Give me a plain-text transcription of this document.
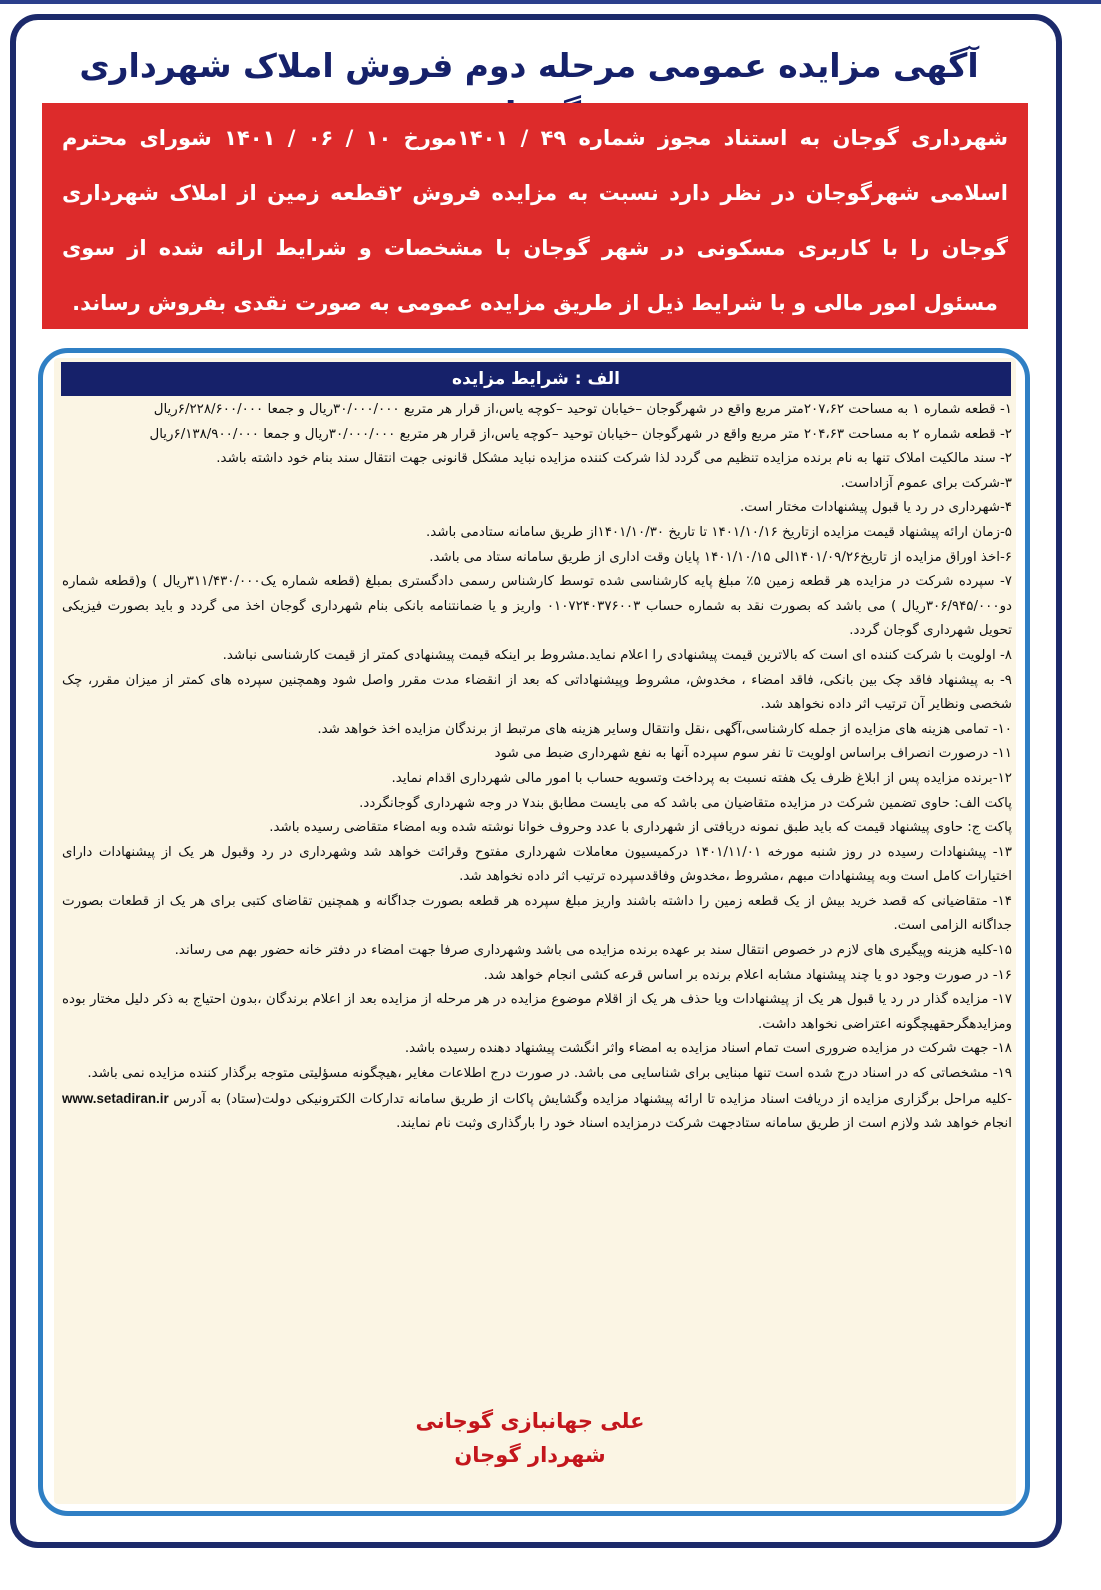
آگهی مزایده عمومی مرحله دوم فروش املاک شهرداری

شهرداری گوجان به استناد مجوز شماره ۴۹ / ۱۴۰۱مورخ ۱۰ / ۰۶ / ۱۴۰۱ شورای محترم اسلامی شهرگوجان در نظر دارد نسبت به مزایده فروش ۲قطعه زمین از املاک شهرداری گوجان را با کاربری مسکونی در شهر گوجان با مشخصات و شرایط ارائه شده از سوی مسئول امور مالی و با شرایط ذیل از طریق مزایده عمومی به صورت نقدی بفروش رساند.

الف : شرایط مزایده
۱- قطعه شماره ۱ به مساحت ۲۰۷،۶۲متر مربع واقع در شهرگوجان –خیابان توحید –کوچه یاس،از قرار هر متربع ۳۰/۰۰۰/۰۰۰ریال و جمعا ۶/۲۲۸/۶۰۰/۰۰۰ریال
۲- قطعه شماره ۲ به مساحت ۲۰۴،۶۳ متر مربع واقع در شهرگوجان –خیابان توحید –کوچه یاس،از قرار هر متربع ۳۰/۰۰۰/۰۰۰ریال و جمعا ۶/۱۳۸/۹۰۰/۰۰۰ریال
۲- سند مالکیت املاک تنها به نام برنده مزایده تنظیم می گردد لذا شرکت کننده مزایده نباید مشکل قانونی جهت انتقال سند بنام خود داشته باشد.
۳-شرکت برای عموم آزاداست.
۴-شهرداری در رد یا قبول پیشنهادات مختار است.
۵-زمان ارائه پیشنهاد قیمت مزایده ازتاریخ ۱۴۰۱/۱۰/۱۶ تا تاریخ ۱۴۰۱/۱۰/۳۰از طریق سامانه ستادمی باشد.
۶-اخذ اوراق مزایده از تاریخ۱۴۰۱/۰۹/۲۶الی ۱۴۰۱/۱۰/۱۵ پایان وقت اداری از طریق سامانه ستاد می باشد.
۷- سپرده شرکت در مزایده هر قطعه زمین ۵٪ مبلغ پایه کارشناسی شده توسط کارشناس رسمی دادگستری بمبلغ (قطعه شماره یک۳۱۱/۴۳۰/۰۰۰ریال ) و(قطعه شماره دو۳۰۶/۹۴۵/۰۰۰ریال ) می باشد که بصورت نقد به شماره حساب ۰۱۰۷۲۴۰۳۷۶۰۰۳ واریز و یا ضمانتنامه بانکی بنام شهرداری گوجان اخذ می گردد و باید بصورت فیزیکی تحویل شهرداری گوجان گردد.
۸- اولویت با شرکت کننده ای است که بالاترین قیمت پیشنهادی را اعلام نماید.مشروط بر اینکه قیمت پیشنهادی کمتر از قیمت کارشناسی نباشد.
۹- به پیشنهاد فاقد چک بین بانکی، فاقد امضاء ، مخدوش، مشروط وپیشنهاداتی که بعد از انقضاء مدت مقرر واصل شود وهمچنین سپرده های کمتر از میزان مقرر، چک شخصی ونظایر آن ترتیب اثر داده نخواهد شد.
۱۰- تمامی هزینه های مزایده از جمله کارشناسی،آگهی ،نقل وانتقال وسایر هزینه های مرتبط از برندگان مزایده اخذ خواهد شد.
۱۱- درصورت انصراف براساس اولویت تا نفر سوم سپرده آنها به نفع شهرداری ضبط می شود
۱۲-برنده مزایده پس از ابلاغ ظرف یک هفته نسبت به پرداخت وتسویه حساب با امور مالی شهرداری اقدام نماید.
پاکت الف: حاوی تضمین شرکت در مزایده متقاضیان می باشد که می بایست مطابق بند۷ در وجه شهرداری گوجانگردد.
پاکت ج: حاوی پیشنهاد قیمت که باید طبق نمونه دریافتی از شهرداری با عدد وحروف خوانا نوشته شده وبه امضاء متقاضی رسیده باشد.
۱۳- پیشنهادات رسیده در روز شنبه مورخه ۱۴۰۱/۱۱/۰۱ درکمیسیون معاملات شهرداری مفتوح وقرائت خواهد شد وشهرداری در رد وقبول هر یک از پیشنهادات دارای اختیارات کامل است وبه پیشنهادات مبهم ،مشروط ،مخدوش وفاقدسپرده ترتیب اثر داده نخواهد شد.
۱۴- متقاضیانی که قصد خرید بیش از یک قطعه زمین را داشته باشند واریز مبلغ سپرده هر قطعه بصورت جداگانه و همچنین تقاضای کتبی برای هر یک از قطعات بصورت جداگانه الزامی است.
۱۵-کلیه هزینه وپیگیری های لازم در خصوص انتقال سند بر عهده برنده مزایده می باشد وشهرداری صرفا جهت امضاء در دفتر خانه حضور بهم می رساند.
۱۶- در صورت وجود دو یا چند پیشنهاد مشابه اعلام برنده بر اساس قرعه کشی انجام خواهد شد.
۱۷- مزایده گذار در رد یا قبول هر یک از پیشنهادات ویا حذف هر یک از اقلام موضوع مزایده در هر مرحله از مزایده بعد از اعلام برندگان ،بدون احتیاج به ذکر دلیل مختار بوده ومزایدهگرحقهیچگونه اعتراضی نخواهد داشت.
۱۸- جهت شرکت در مزایده ضروری است تمام اسناد مزایده به امضاء واثر انگشت پیشنهاد دهنده رسیده باشد.
۱۹- مشخصاتی که در اسناد درج شده است تنها مبنایی برای شناسایی می باشد. در صورت درج اطلاعات مغایر ،هیچگونه مسؤلیتی متوجه برگذار کننده مزایده نمی باشد.
-کلیه مراحل برگزاری مزایده از دریافت اسناد مزایده تا ارائه پیشنهاد مزایده وگشایش پاکات از طریق سامانه تدارکات الکترونیکی دولت(ستاد) به آدرس www.setadiran.ir انجام خواهد شد ولازم است از طریق سامانه ستادجهت شرکت درمزایده اسناد خود را بارگذاری وثبت نام نمایند.
علی جهانبازی گوجانی
شهردار گوجان
